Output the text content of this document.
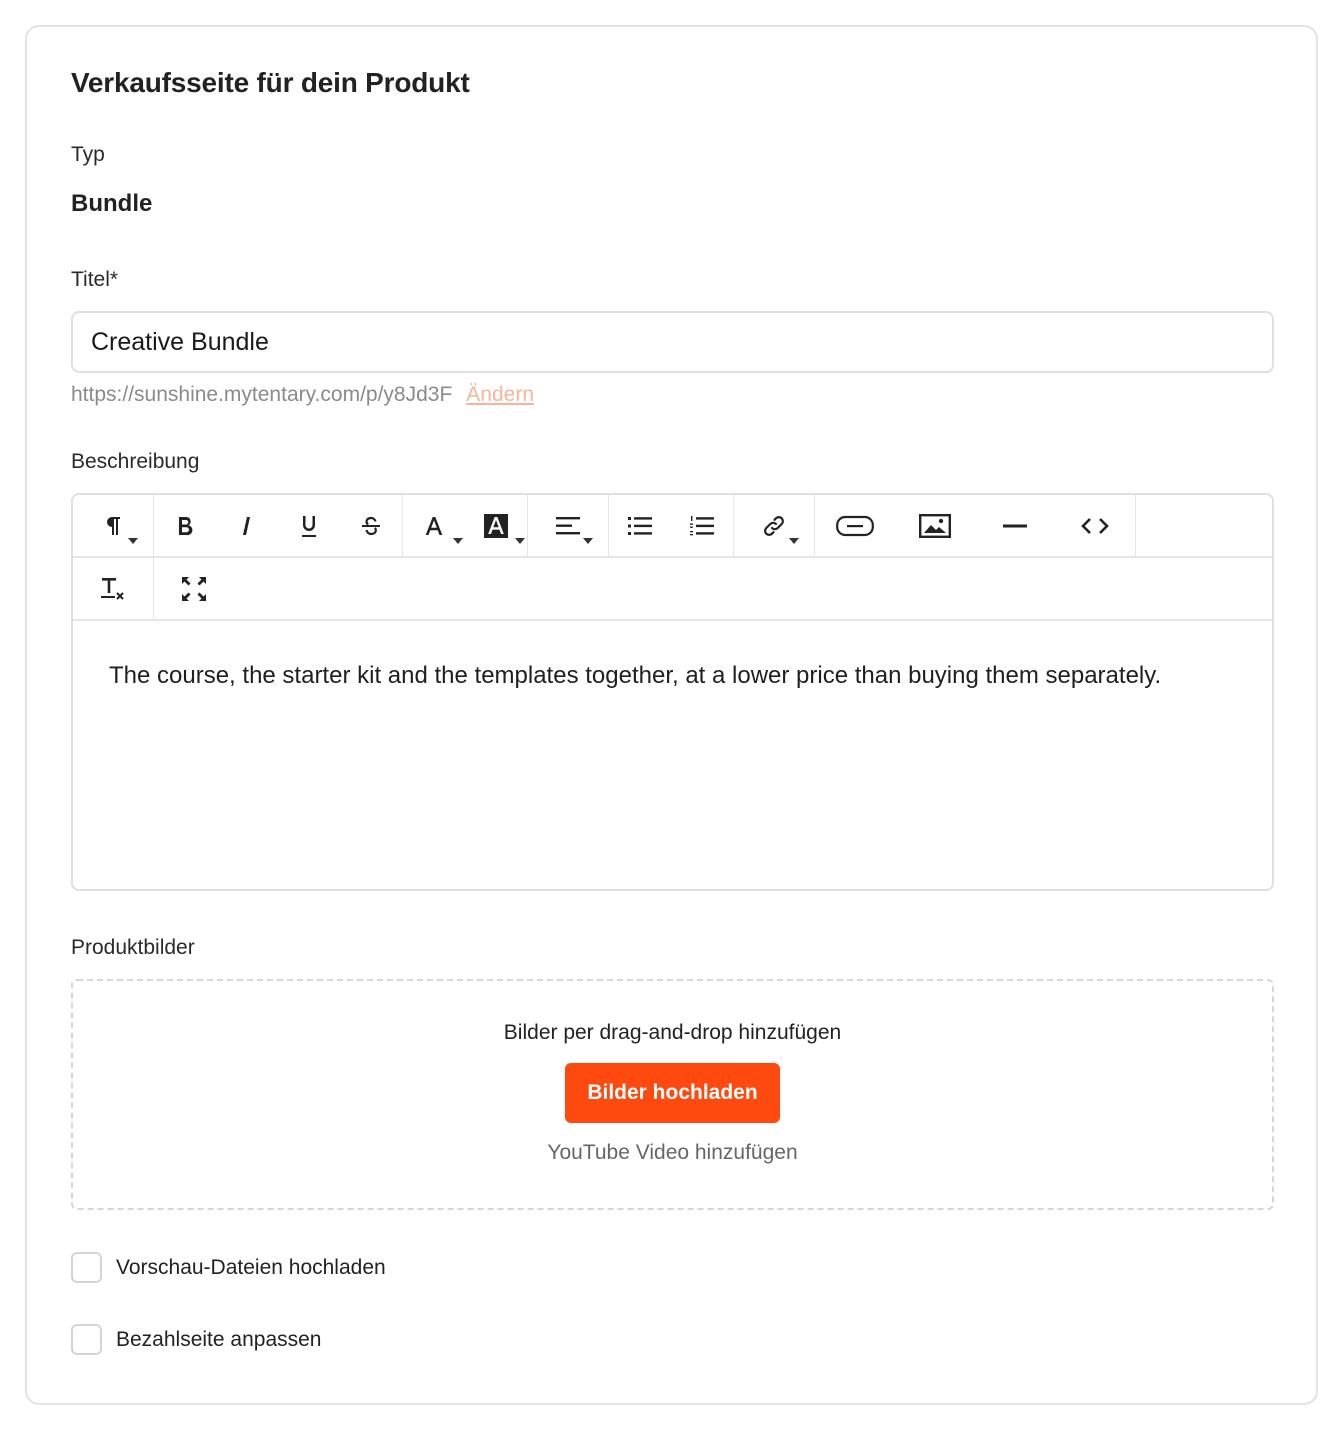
Verkaufsseite für dein Produkt
Typ
Bundle
Titel*
Creative Bundle
https://sunshine.mytentary.com/p/y8Jd3F Ändern
Beschreibung
The course, the starter kit and the templates together, at a lower price than buying them separately.
Produktbilder
Bilder per drag-and-drop hinzufügen
Bilder hochladen
YouTube Video hinzufügen
Vorschau-Dateien hochladen
Bezahlseite anpassen
